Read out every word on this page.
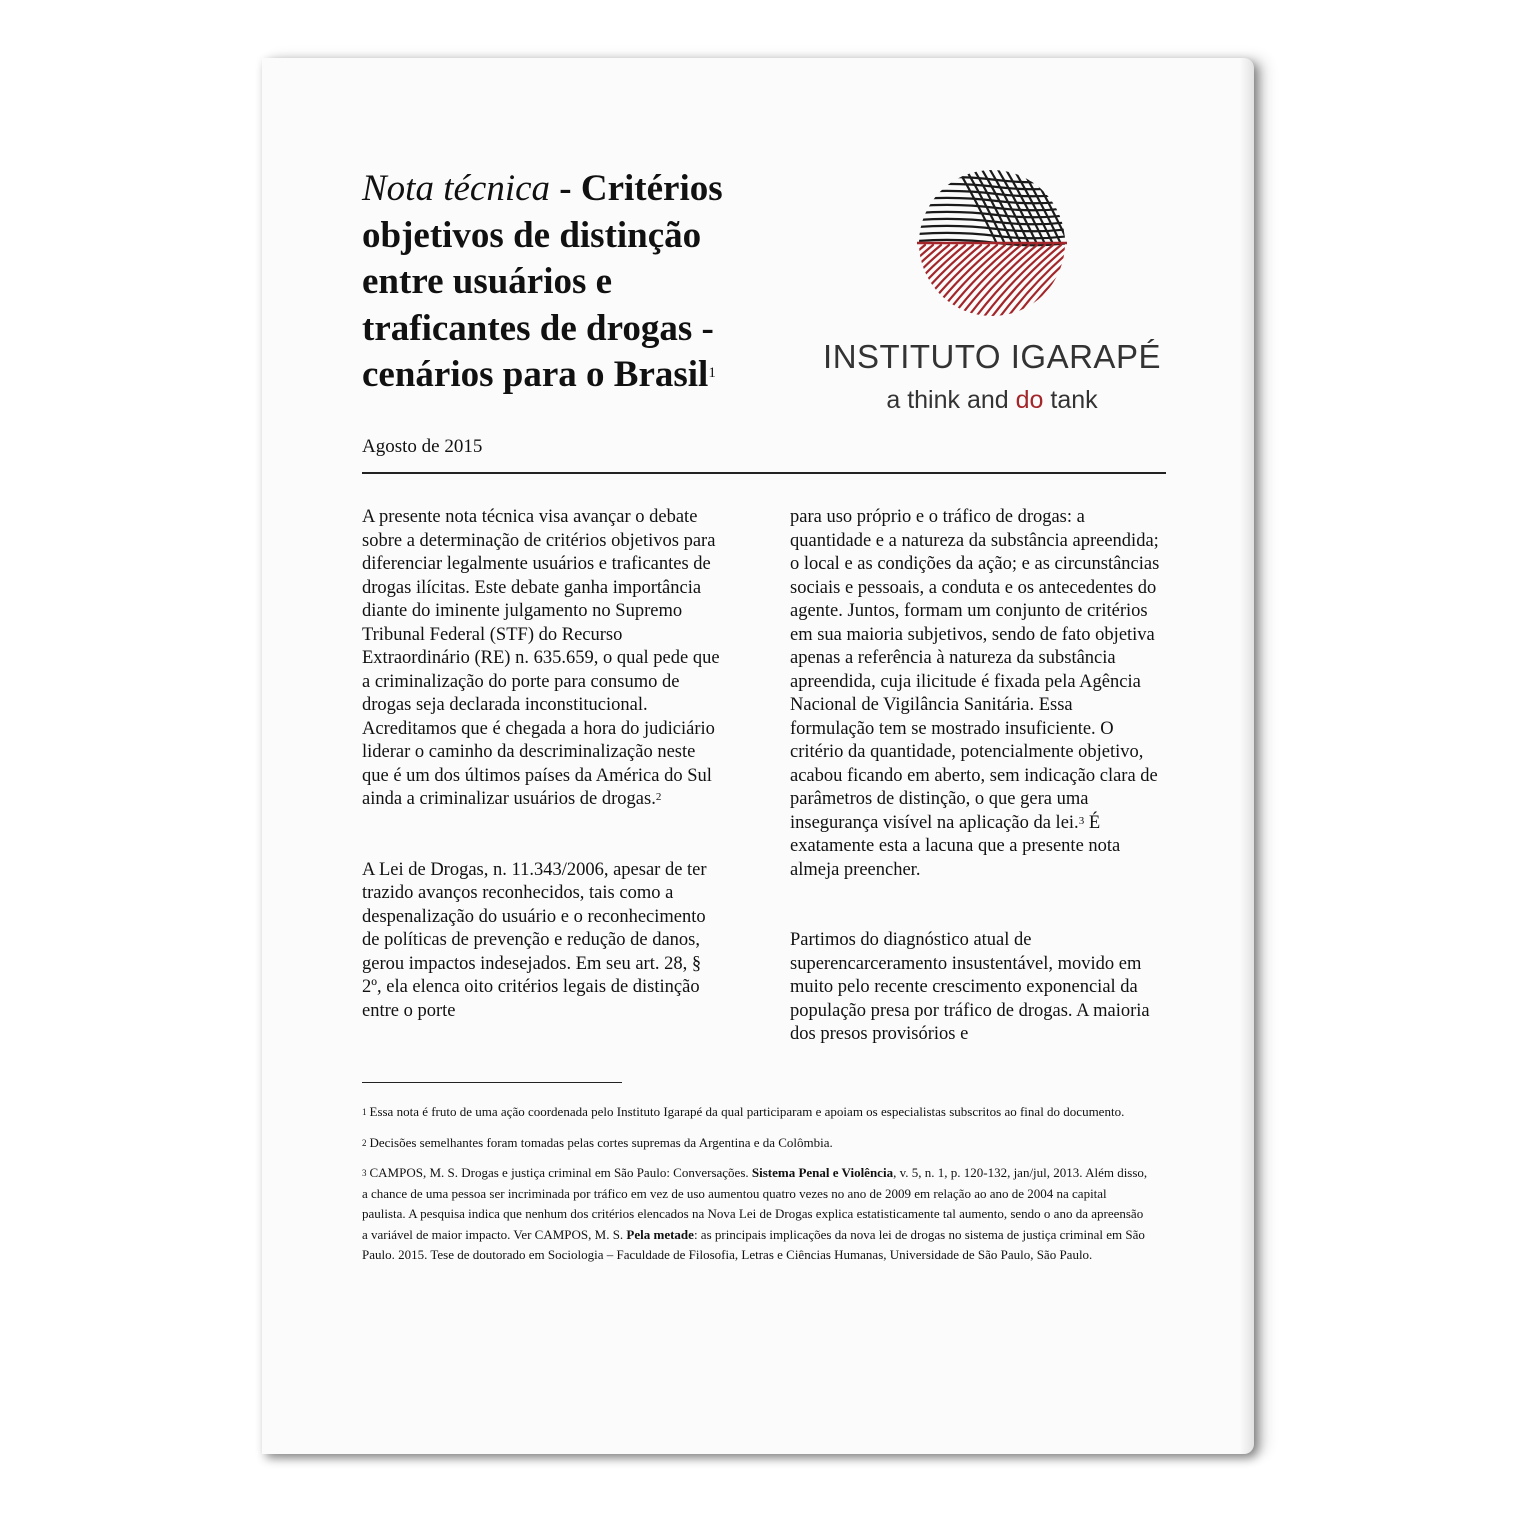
Nota técnica - Critérios objetivos de distinção entre usuários e traficantes de drogas - cenários para o Brasil$^1$	INSTITUTO IGARAPÉ
a think and do tank
Agosto de 2015

A presente nota técnica visa avançar o debate sobre a determinação de critérios objetivos para diferenciar legalmente usuários e traficantes de drogas ilícitas. Este debate ganha importância diante do iminente julgamento no Supremo Tribunal Federal (STF) do Recurso Extraordinário (RE) n. 635.659, o qual pede que a criminalização do porte para consumo de drogas seja declarada inconstitucional. Acreditamos que é chegada a hora do judiciário liderar o caminho da descriminalização neste que é um dos últimos países da América do Sul ainda a criminalizar usuários de drogas.$^2$

A Lei de Drogas, n. 11.343/2006, apesar de ter trazido avanços reconhecidos, tais como a despenalização do usuário e o reconhecimento de políticas de prevenção e redução de danos, gerou impactos indesejados. Em seu art. 28, § 2º, ela elenca oito critérios legais de distinção entre o porte

para uso próprio e o tráfico de drogas: a quantidade e a natureza da substância apreendida; o local e as condições da ação; e as circunstâncias sociais e pessoais, a conduta e os antecedentes do agente. Juntos, formam um conjunto de critérios em sua maioria subjetivos, sendo de fato objetiva apenas a referência à natureza da substância apreendida, cuja ilicitude é fixada pela Agência Nacional de Vigilância Sanitária. Essa formulação tem se mostrado insuficiente. O critério da quantidade, potencialmente objetivo, acabou ficando em aberto, sem indicação clara de parâmetros de distinção, o que gera uma insegurança visível na aplicação da lei.$^3$ É exatamente esta a lacuna que a presente nota almeja preencher.

Partimos do diagnóstico atual de superencarceramento insustentável, movido em muito pelo recente crescimento exponencial da população presa por tráfico de drogas. A maioria dos presos provisórios e

$^1$ Essa nota é fruto de uma ação coordenada pelo Instituto Igarapé da qual participaram e apoiam os especialistas subscritos ao final do documento.

$^2$ Decisões semelhantes foram tomadas pelas cortes supremas da Argentina e da Colômbia.

$^3$ CAMPOS, M. S. Drogas e justiça criminal em São Paulo: Conversações. Sistema Penal e Violência, v. 5, n. 1, p. 120-132, jan/jul, 2013. Além disso, a chance de uma pessoa ser incriminada por tráfico em vez de uso aumentou quatro vezes no ano de 2009 em relação ao ano de 2004 na capital paulista. A pesquisa indica que nenhum dos critérios elencados na Nova Lei de Drogas explica estatisticamente tal aumento, sendo o ano da apreensão a variável de maior impacto. Ver CAMPOS, M. S. Pela metade: as principais implicações da nova lei de drogas no sistema de justiça criminal em São Paulo. 2015. Tese de doutorado em Sociologia – Faculdade de Filosofia, Letras e Ciências Humanas, Universidade de São Paulo, São Paulo.
